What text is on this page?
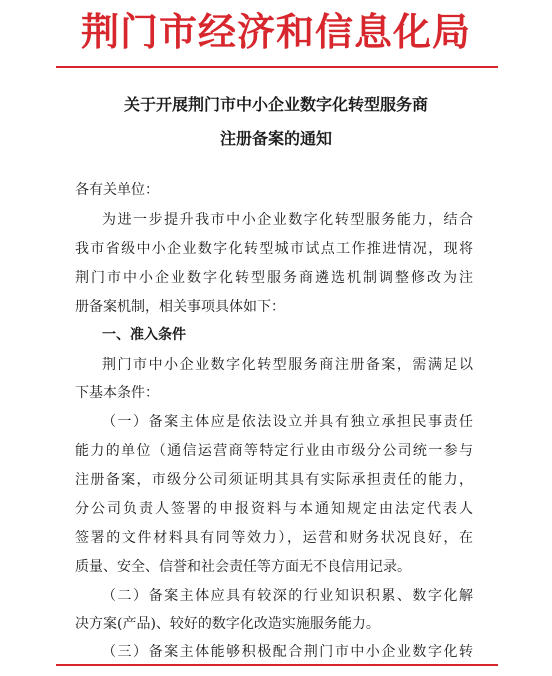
荆门市经济和信息化局
关于开展荆门市中小企业数字化转型服务商
注册备案的通知
各有关单位：
为进一步提升我市中小企业数字化转型服务能力，结合
我市省级中小企业数字化转型城市试点工作推进情况，现将
荆门市中小企业数字化转型服务商遴选机制调整修改为注
册备案机制，相关事项具体如下：
一、准入条件
荆门市中小企业数字化转型服务商注册备案，需满足以
下基本条件：
（一）备案主体应是依法设立并具有独立承担民事责任
能力的单位（通信运营商等特定行业由市级分公司统一参与
注册备案，市级分公司须证明其具有实际承担责任的能力，
分公司负责人签署的申报资料与本通知规定由法定代表人
签署的文件材料具有同等效力），运营和财务状况良好，在
质量、安全、信誉和社会责任等方面无不良信用记录。
（二）备案主体应具有较深的行业知识积累、数字化解
决方案(产品)、较好的数字化改造实施服务能力。
（三）备案主体能够积极配合荆门市中小企业数字化转
